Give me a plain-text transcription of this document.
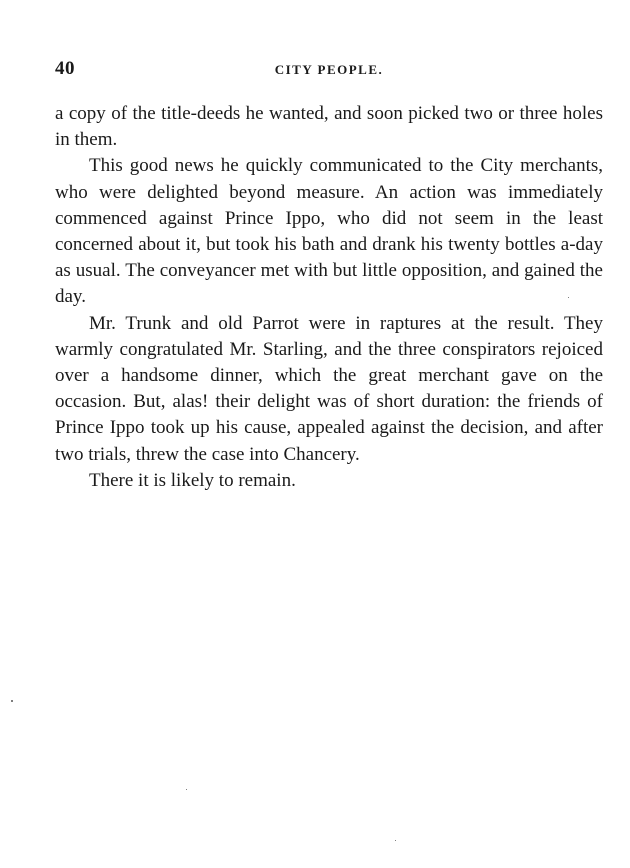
40	CITY PEOPLE.

a copy of the title-deeds he wanted, and soon picked two or three holes in them.

This good news he quickly communicated to the City merchants, who were delighted beyond measure. An action was immediately commenced against Prince Ippo, who did not seem in the least concerned about it, but took his bath and drank his twenty bottles a-day as usual. The conveyancer met with but little opposition, and gained the day.

Mr. Trunk and old Parrot were in raptures at the result. They warmly congratulated Mr. Starling, and the three conspirators rejoiced over a handsome dinner, which the great merchant gave on the occasion. But, alas! their delight was of short duration: the friends of Prince Ippo took up his cause, appealed against the decision, and after two trials, threw the case into Chancery.

There it is likely to remain.
